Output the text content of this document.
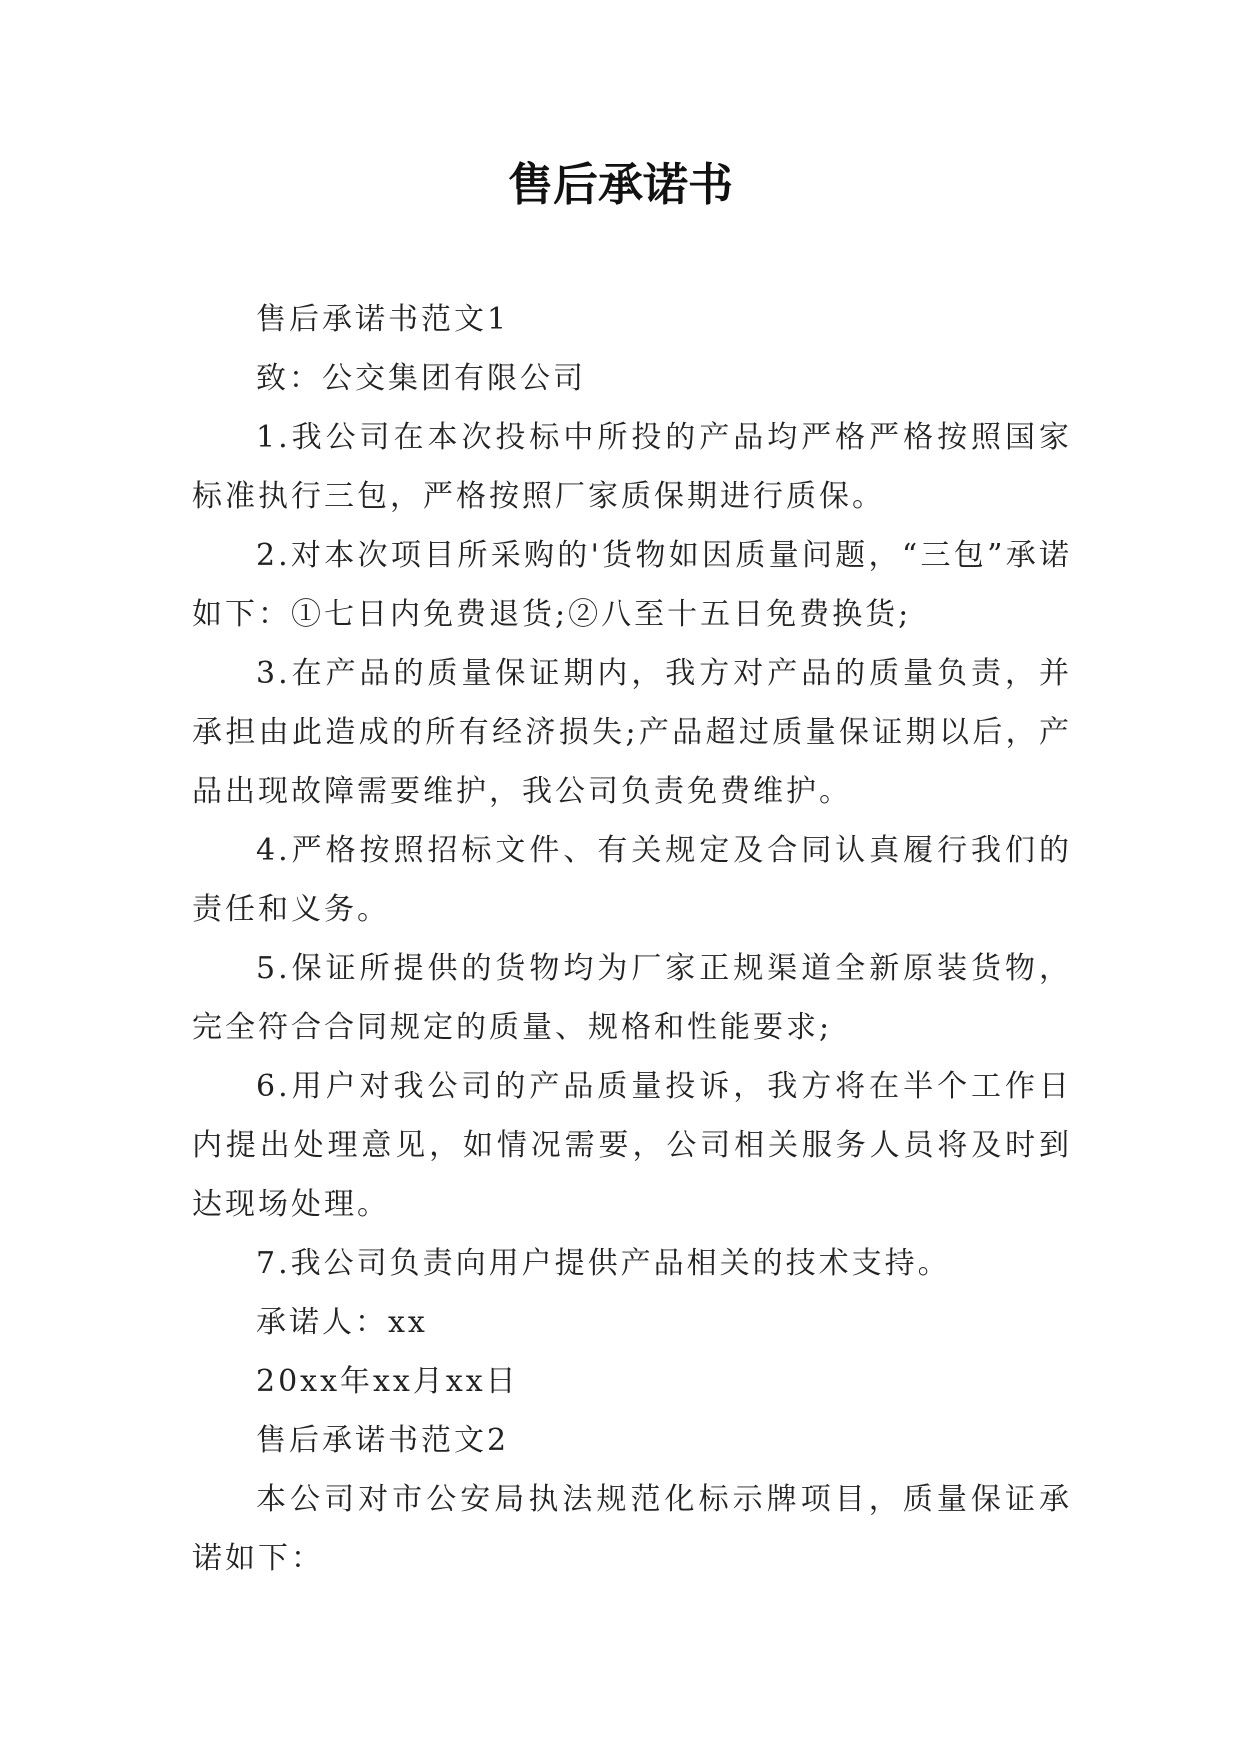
售后承诺书

售后承诺书范文1

致：公交集团有限公司

1.我公司在本次投标中所投的产品均严格严格按照国家标准执行三包，严格按照厂家质保期进行质保。

2.对本次项目所采购的'货物如因质量问题，“三包”承诺如下：①七日内免费退货;②八至十五日免费换货;

3.在产品的质量保证期内，我方对产品的质量负责，并承担由此造成的所有经济损失;产品超过质量保证期以后，产品出现故障需要维护，我公司负责免费维护。

4.严格按照招标文件、有关规定及合同认真履行我们的责任和义务。

5.保证所提供的货物均为厂家正规渠道全新原装货物，完全符合合同规定的质量、规格和性能要求;

6.用户对我公司的产品质量投诉，我方将在半个工作日内提出处理意见，如情况需要，公司相关服务人员将及时到达现场处理。

7.我公司负责向用户提供产品相关的技术支持。

承诺人：xx

20xx年xx月xx日

售后承诺书范文2

本公司对市公安局执法规范化标示牌项目，质量保证承诺如下：
